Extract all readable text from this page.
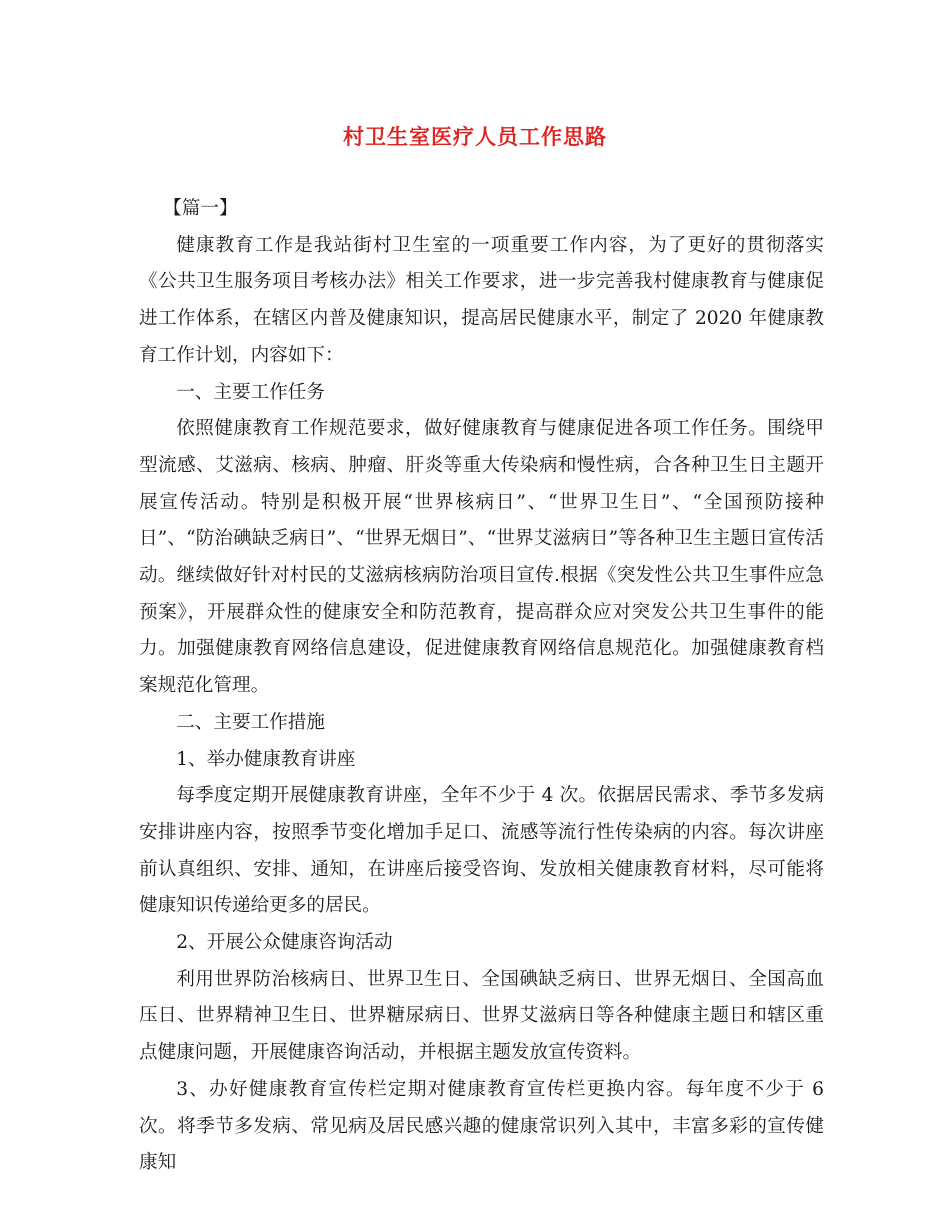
村卫生室医疗人员工作思路

【篇一】

健康教育工作是我站街村卫生室的一项重要工作内容，为了更好的贯彻落实《公共卫生服务项目考核办法》相关工作要求，进一步完善我村健康教育与健康促进工作体系，在辖区内普及健康知识，提高居民健康水平，制定了 2020 年健康教育工作计划，内容如下：

一、主要工作任务

依照健康教育工作规范要求，做好健康教育与健康促进各项工作任务。围绕甲型流感、艾滋病、核病、肿瘤、肝炎等重大传染病和慢性病，合各种卫生日主题开展宣传活动。特别是积极开展“世界核病日”、“世界卫生日”、“全国预防接种日”、“防治碘缺乏病日”、“世界无烟日”、“世界艾滋病日”等各种卫生主题日宣传活动。继续做好针对村民的艾滋病核病防治项目宣传.根据《突发性公共卫生事件应急预案》，开展群众性的健康安全和防范教育，提高群众应对突发公共卫生事件的能力。加强健康教育网络信息建设，促进健康教育网络信息规范化。加强健康教育档案规范化管理。

二、主要工作措施

1、举办健康教育讲座

每季度定期开展健康教育讲座，全年不少于 4 次。依据居民需求、季节多发病安排讲座内容，按照季节变化增加手足口、流感等流行性传染病的内容。每次讲座前认真组织、安排、通知，在讲座后接受咨询、发放相关健康教育材料，尽可能将健康知识传递给更多的居民。

2、开展公众健康咨询活动

利用世界防治核病日、世界卫生日、全国碘缺乏病日、世界无烟日、全国高血压日、世界精神卫生日、世界糖尿病日、世界艾滋病日等各种健康主题日和辖区重点健康问题，开展健康咨询活动，并根据主题发放宣传资料。

3、办好健康教育宣传栏定期对健康教育宣传栏更换内容。每年度不少于 6 次。将季节多发病、常见病及居民感兴趣的健康常识列入其中，丰富多彩的宣传健康知
